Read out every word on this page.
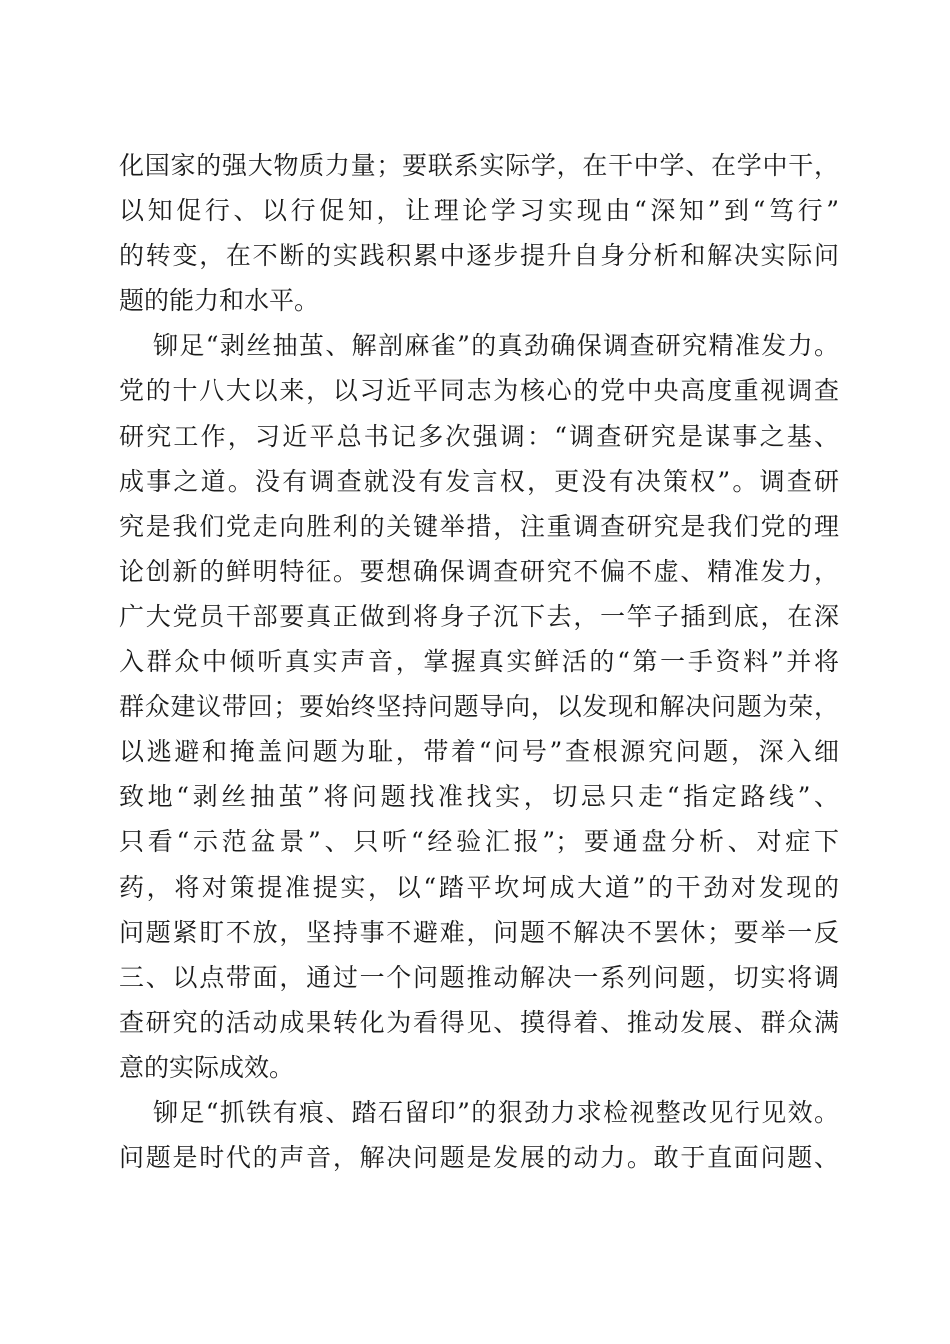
化国家的强大物质力量；要联系实际学，在干中学、在学中干，
以知促行、以行促知，让理论学习实现由“深知”到“笃行”
的转变，在不断的实践积累中逐步提升自身分析和解决实际问
题的能力和水平。
铆足“剥丝抽茧、解剖麻雀”的真劲确保调查研究精准发力。
党的十八大以来，以习近平同志为核心的党中央高度重视调查
研究工作，习近平总书记多次强调：“调查研究是谋事之基、
成事之道。没有调查就没有发言权，更没有决策权”。调查研
究是我们党走向胜利的关键举措，注重调查研究是我们党的理
论创新的鲜明特征。要想确保调查研究不偏不虚、精准发力，
广大党员干部要真正做到将身子沉下去，一竿子插到底，在深
入群众中倾听真实声音，掌握真实鲜活的“第一手资料”并将
群众建议带回；要始终坚持问题导向，以发现和解决问题为荣，
以逃避和掩盖问题为耻，带着“问号”查根源究问题，深入细
致地“剥丝抽茧”将问题找准找实，切忌只走“指定路线”、
只看“示范盆景”、只听“经验汇报”；要通盘分析、对症下
药，将对策提准提实，以“踏平坎坷成大道”的干劲对发现的
问题紧盯不放，坚持事不避难，问题不解决不罢休；要举一反
三、以点带面，通过一个问题推动解决一系列问题，切实将调
查研究的活动成果转化为看得见、摸得着、推动发展、群众满
意的实际成效。
铆足“抓铁有痕、踏石留印”的狠劲力求检视整改见行见效。
问题是时代的声音，解决问题是发展的动力。敢于直面问题、
